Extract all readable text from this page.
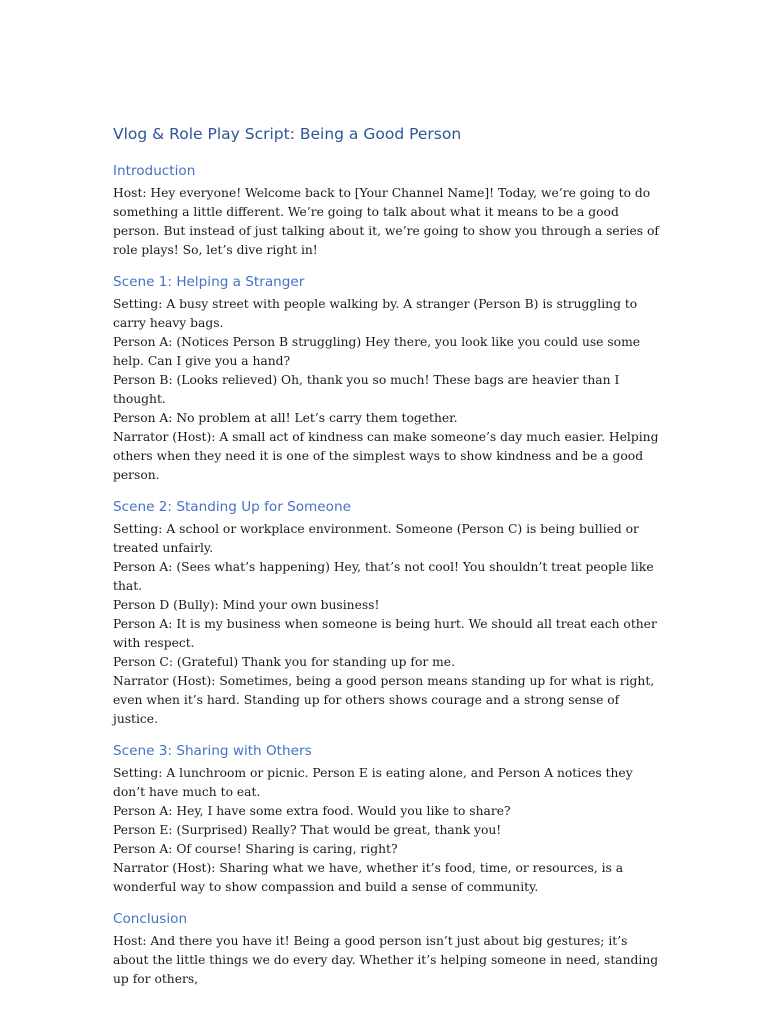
Vlog & Role Play Script: Being a Good Person
Introduction

Host: Hey everyone! Welcome back to [Your Channel Name]! Today, we’re going to do something a little different. We’re going to talk about what it means to be a good person. But instead of just talking about it, we’re going to show you through a series of role plays! So, let’s dive right in!

Scene 1: Helping a Stranger

Setting: A busy street with people walking by. A stranger (Person B) is struggling to carry heavy bags.

Person A: (Notices Person B struggling) Hey there, you look like you could use some help. Can I give you a hand?

Person B: (Looks relieved) Oh, thank you so much! These bags are heavier than I thought.

Person A: No problem at all! Let’s carry them together.

Narrator (Host): A small act of kindness can make someone’s day much easier. Helping others when they need it is one of the simplest ways to show kindness and be a good person.

Scene 2: Standing Up for Someone

Setting: A school or workplace environment. Someone (Person C) is being bullied or treated unfairly.

Person A: (Sees what’s happening) Hey, that’s not cool! You shouldn’t treat people like that.

Person D (Bully): Mind your own business!

Person A: It is my business when someone is being hurt. We should all treat each other with respect.

Person C: (Grateful) Thank you for standing up for me.

Narrator (Host): Sometimes, being a good person means standing up for what is right, even when it’s hard. Standing up for others shows courage and a strong sense of justice.

Scene 3: Sharing with Others

Setting: A lunchroom or picnic. Person E is eating alone, and Person A notices they don’t have much to eat.

Person A: Hey, I have some extra food. Would you like to share?

Person E: (Surprised) Really? That would be great, thank you!

Person A: Of course! Sharing is caring, right?

Narrator (Host): Sharing what we have, whether it’s food, time, or resources, is a wonderful way to show compassion and build a sense of community.

Conclusion

Host: And there you have it! Being a good person isn’t just about big gestures; it’s about the little things we do every day. Whether it’s helping someone in need, standing up for others,
